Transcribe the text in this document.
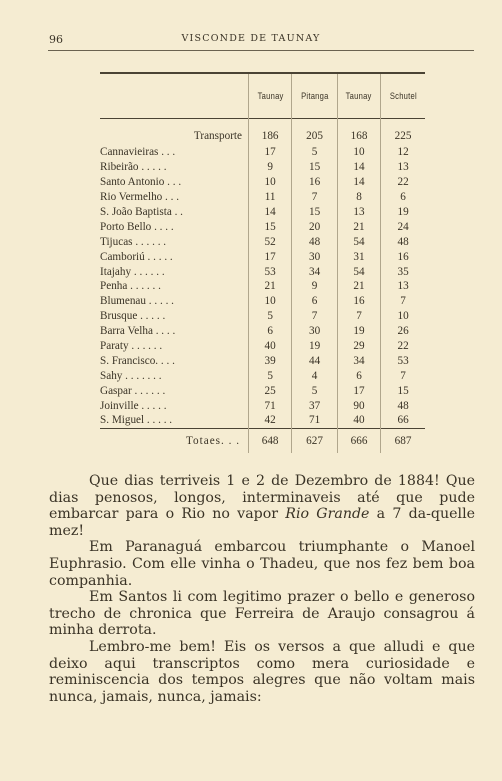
96	VISCONDE DE TAUNAY
	Taunay	Pitanga	Taunay	Schutel
Transporte	186	205	168	225
Cannavieiras . . .	17	5	10	12
Ribeirão . . . . .	9	15	14	13
Santo Antonio . . .	10	16	14	22
Rio Vermelho . . .	11	7	8	6
S. João Baptista . .	14	15	13	19
Porto Bello . . . .	15	20	21	24
Tijucas . . . . . .	52	48	54	48
Camboriú . . . . .	17	30	31	16
Itajahy . . . . . .	53	34	54	35
Penha . . . . . .	21	9	21	13
Blumenau . . . . .	10	6	16	7
Brusque . . . . .	5	7	7	10
Barra Velha . . . .	6	30	19	26
Paraty . . . . . .	40	19	29	22
S. Francisco. . . .	39	44	34	53
Sahy . . . . . . .	5	4	6	7
Gaspar . . . . . .	25	5	17	15
Joinville . . . . .	71	37	90	48
S. Miguel . . . . .	42	71	40	66
Totaes. . .	648	627	666	687

Que dias terriveis 1 e 2 de Dezembro de 1884! Que dias penosos, longos, interminaveis até que pude embarcar para o Rio no vapor Rio Grande a 7 da-quelle mez!

Em Paranaguá embarcou triumphante o Manoel Euphrasio. Com elle vinha o Thadeu, que nos fez bem boa companhia.

Em Santos li com legitimo prazer o bello e generoso trecho de chronica que Ferreira de Araujo consagrou á minha derrota.

Lembro-me bem! Eis os versos a que alludi e que deixo aqui transcriptos como mera curiosidade e reminiscencia dos tempos alegres que não voltam mais nunca, jamais, nunca, jamais:
